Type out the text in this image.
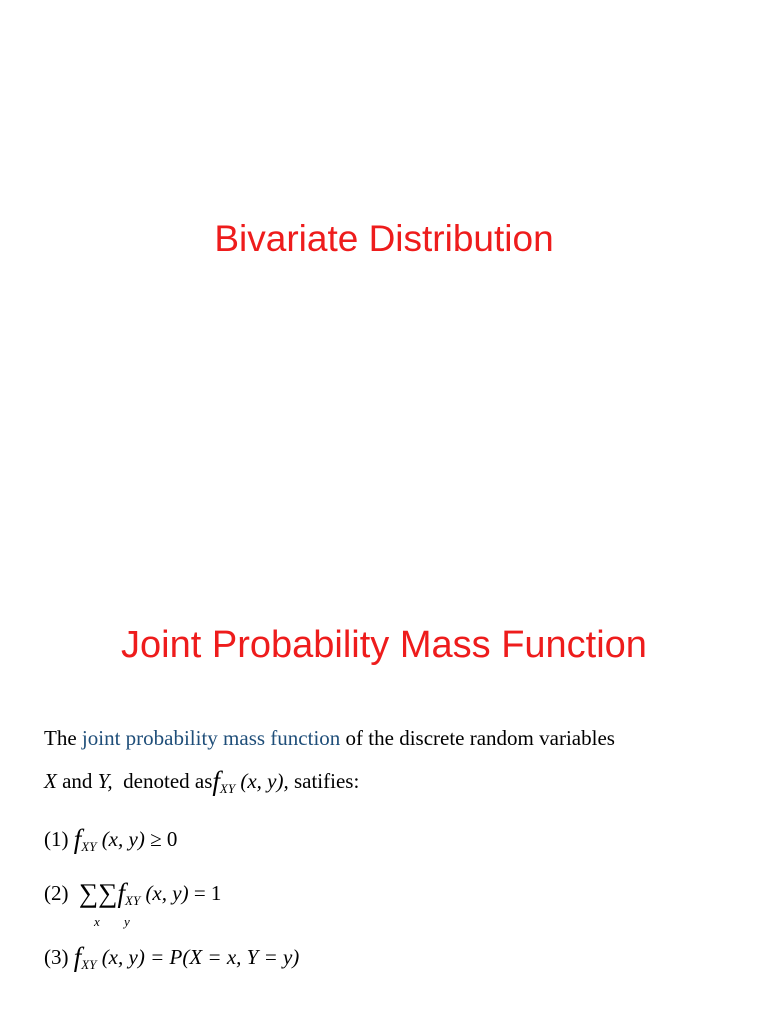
Bivariate Distribution
Joint Probability Mass Function
The joint probability mass function of the discrete random variables
X and Y, denoted asf$_{XY}$ (x, y), satifies:
(1) $f_{XY}$ (x, y) ≥ 0
(2) $\sum\sum f_{XY}$ (x, y) = 1
x y
(3) $f_{XY}$ (x, y) = P(X = x, Y = y)
